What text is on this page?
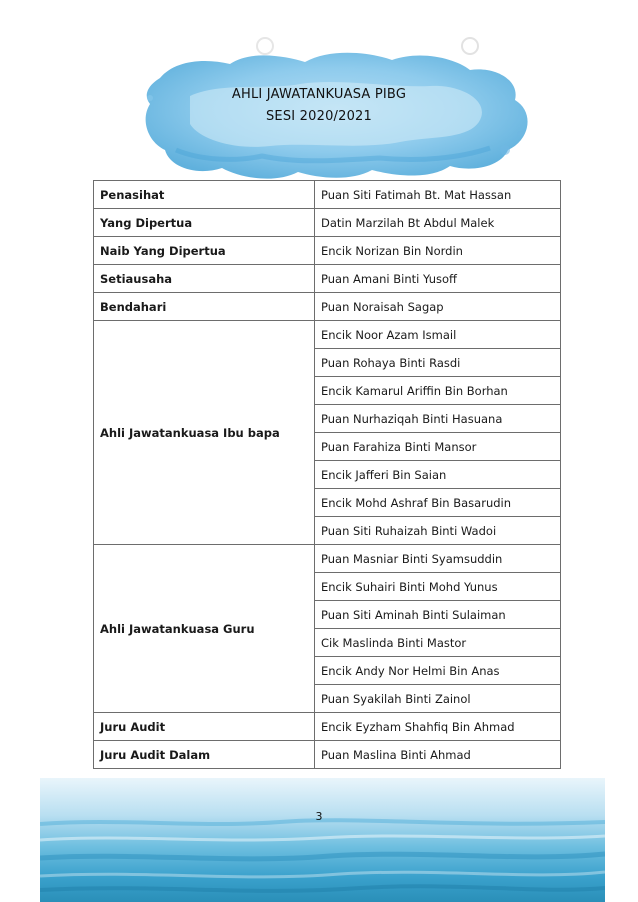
AHLI JAWATANKUASA PIBG
SESI 2020/2021
Penasihat	Puan Siti Fatimah Bt. Mat Hassan
Yang Dipertua	Datin Marzilah Bt Abdul Malek
Naib Yang Dipertua	Encik Norizan Bin Nordin
Setiausaha	Puan Amani Binti Yusoff
Bendahari	Puan Noraisah Sagap
Ahli Jawatankuasa Ibu bapa	Encik Noor Azam Ismail
	Puan Rohaya Binti Rasdi
	Encik Kamarul Ariffin Bin Borhan
	Puan Nurhaziqah Binti Hasuana
	Puan Farahiza Binti Mansor
	Encik Jafferi Bin Saian
	Encik Mohd Ashraf Bin Basarudin
	Puan Siti Ruhaizah Binti Wadoi
Ahli Jawatankuasa Guru	Puan Masniar Binti Syamsuddin
	Encik Suhairi Binti Mohd Yunus
	Puan Siti Aminah Binti Sulaiman
	Cik Maslinda Binti Mastor
	Encik Andy Nor Helmi Bin Anas
	Puan Syakilah Binti Zainol
Juru Audit	Encik Eyzham Shahfiq Bin Ahmad
Juru Audit Dalam	Puan Maslina Binti Ahmad
3
